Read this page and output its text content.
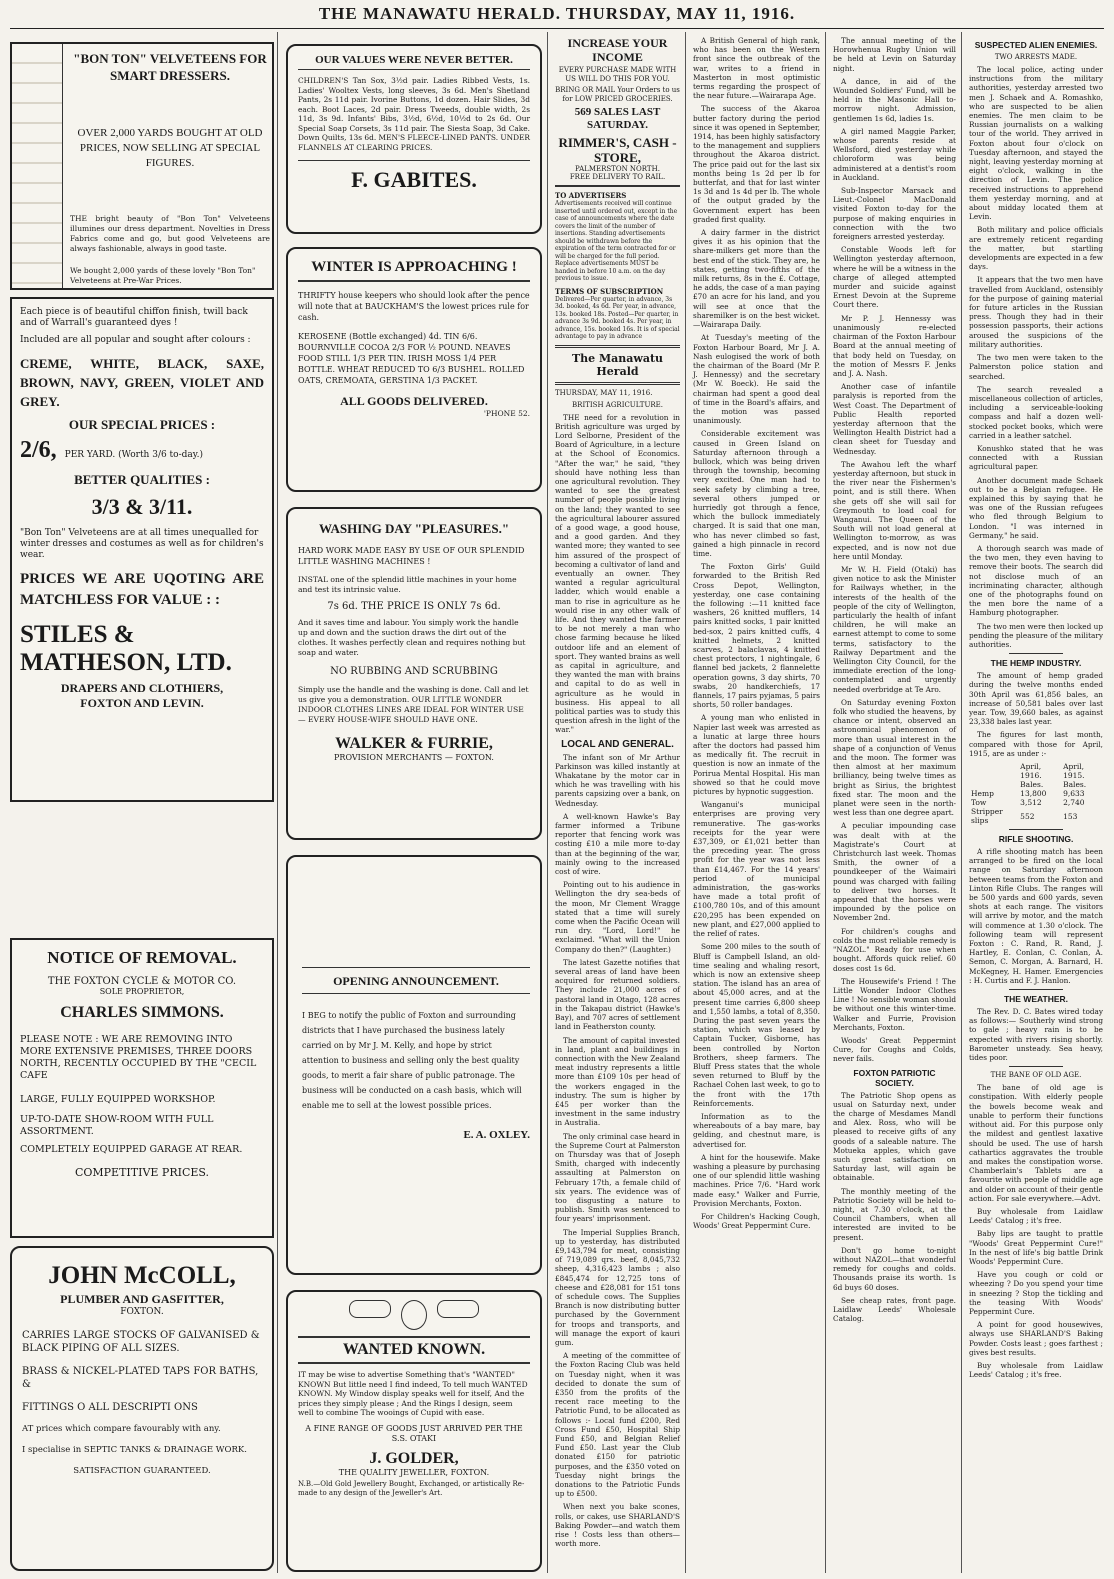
THE MANAWATU HERALD. THURSDAY, MAY 11, 1916.
"BON TON" VELVETEENS FOR SMART DRESSERS.
OVER 2,000 YARDS BOUGHT AT OLD PRICES, NOW SELLING AT SPECIAL FIGURES.
THE bright beauty of "Bon Ton" Velveteens illumines our dress department. Novelties in Dress Fabrics come and go, but good Velveteens are always fashionable, always in good taste.
We bought 2,000 yards of these lovely "Bon Ton" Velveteens at Pre-War Prices.
Each piece is of beautiful chiffon finish, twill back and of Warrall's guaranteed dyes !
Included are all popular and sought after colours :
CREME, WHITE, BLACK, SAXE, BROWN, NAVY, GREEN, VIOLET AND GREY.
OUR SPECIAL PRICES :
2/6, PER YARD. (Worth 3/6 to-day.)
BETTER QUALITIES :
3/3 & 3/11.
"Bon Ton" Velveteens are at all times unequalled for winter dresses and costumes as well as for children's wear.
PRICES WE ARE UQOTING ARE MATCHLESS FOR VALUE : :
STILES & MATHESON, LTD.
DRAPERS AND CLOTHIERS,
FOXTON AND LEVIN.
NOTICE OF REMOVAL.
THE FOXTON CYCLE & MOTOR CO.
SOLE PROPRIETOR,
CHARLES SIMMONS.
PLEASE NOTE : WE ARE REMOVING INTO MORE EXTENSIVE PREMISES, THREE DOORS NORTH, RECENTLY OCCUPIED BY THE "CECIL CAFE
LARGE, FULLY EQUIPPED WORKSHOP.
UP-TO-DATE SHOW-ROOM WITH FULL ASSORTMENT.
COMPLETELY EQUIPPED GARAGE AT REAR.
COMPETITIVE PRICES.
JOHN McCOLL,
PLUMBER AND GASFITTER,
FOXTON.
CARRIES LARGE STOCKS OF GALVANISED & BLACK PIPING OF ALL SIZES.
BRASS & NICKEL-PLATED TAPS FOR BATHS, &
FITTINGS O ALL DESCRIPTI ONS
AT prices which compare favourably with any.
I specialise in SEPTIC TANKS & DRAINAGE WORK.
SATISFACTION GUARANTEED.
OUR VALUES WERE NEVER BETTER.
CHILDREN'S Tan Sox, 3½d pair. Ladies Ribbed Vests, 1s. Ladies' Wooltex Vests, long sleeves, 3s 6d. Men's Shetland Pants, 2s 11d pair. Ivorine Buttons, 1d dozen. Hair Slides, 3d each. Boot Laces, 2d pair. Dress Tweeds, double width, 2s 11d, 3s 9d. Infants' Bibs, 3½d, 6½d, 10½d to 2s 6d. Our Special Soap Corsets, 3s 11d pair. The Siesta Soap, 3d Cake. Down Quilts, 13s 6d. MEN'S FLEECE-LINED PANTS. UNDER FLANNELS AT CLEARING PRICES.
F. GABITES.
WINTER IS APPROACHING !
THRIFTY house keepers who should look after the pence will note that at BAUCKHAM'S the lowest prices rule for cash.
KEROSENE (Bottle exchanged) 4d. TIN 6/6. BOURNVILLE COCOA 2/3 FOR ½ POUND. NEAVES FOOD STILL 1/3 PER TIN. IRISH MOSS 1/4 PER BOTTLE. WHEAT REDUCED TO 6/3 BUSHEL. ROLLED OATS, CREMOATA, GERSTINA 1/3 PACKET.
ALL GOODS DELIVERED.
'PHONE 52.
WASHING DAY "PLEASURES."
HARD WORK MADE EASY BY USE OF OUR SPLENDID LITTLE WASHING MACHINES !
INSTAL one of the splendid little machines in your home and test its intrinsic value.
7s 6d. THE PRICE IS ONLY 7s 6d.
And it saves time and labour. You simply work the handle up and down and the suction draws the dirt out of the clothes. It washes perfectly clean and requires nothing but soap and water.
NO RUBBING AND SCRUBBING
Simply use the handle and the washing is done. Call and let us give you a demonstration. OUR LITTLE WONDER INDOOR CLOTHES LINES ARE IDEAL FOR WINTER USE — EVERY HOUSE-WIFE SHOULD HAVE ONE.
WALKER & FURRIE,
PROVISION MERCHANTS — FOXTON.
OPENING ANNOUNCEMENT.
I BEG to notify the public of Foxton and surrounding districts that I have purchased the business lately carried on by Mr J. M. Kelly, and hope by strict attention to business and selling only the best quality goods, to merit a fair share of public patronage. The business will be conducted on a cash basis, which will enable me to sell at the lowest possible prices.
E. A. OXLEY.
WANTED KNOWN.
IT may be wise to advertise Something that's "WANTED" KNOWN But little need I find indeed, To tell much WANTED KNOWN. My Window display speaks well for itself, And the prices they simply please ; And the Rings I design, seem well to combine The wooings of Cupid with ease.
A FINE RANGE OF GOODS JUST ARRIVED PER THE S.S. OTAKI
J. GOLDER,
THE QUALITY JEWELLER, FOXTON.
N.B.—Old Gold Jewellery Bought, Exchanged, or artistically Re-made to any design of the Jeweller's Art.
INCREASE YOUR INCOME
EVERY PURCHASE MADE WITH US WILL DO THIS FOR YOU.
BRING OR MAIL Your Orders to us for LOW PRICED GROCERIES.
569 SALES LAST SATURDAY.
RIMMER'S, CASH - STORE,
PALMERSTON NORTH.
FREE DELIVERY TO RAIL.
TO ADVERTISERS
Advertisements received will continue inserted until ordered out, except in the case of announcements where the date covers the limit of the number of insertions. Standing advertisements should be withdrawn before the expiration of the term contracted for or will be charged for the full period. Replace advertisements MUST be handed in before 10 a.m. on the day previous to issue.
TERMS OF SUBSCRIPTION
Delivered—Per quarter, in advance, 3s 3d. booked, 4s 6d. Per year, in advance, 13s. booked 18s. Posted—Per quarter, in advance 3s 9d. booked 4s. Per year, in advance, 15s. booked 16s. It is of special advantage to pay in advance
The Manawatu Herald
THURSDAY, MAY 11, 1916.
BRITISH AGRICULTURE.

THE need for a revolution in British agriculture was urged by Lord Selborne, President of the Board of Agriculture, in a lecture at the School of Economics. "After the war," he said, "they should have nothing less than one agricultural revolution. They wanted to see the greatest number of people possible living on the land; they wanted to see the agricultural labourer assured of a good wage, a good house, and a good garden. And they wanted more; they wanted to see him assured of the prospect of becoming a cultivator of land and eventually an owner. They wanted a regular agricultural ladder, which would enable a man to rise in agriculture as he would rise in any other walk of life. And they wanted the farmer to be not merely a man who chose farming because he liked outdoor life and an element of sport. They wanted brains as well as capital in agriculture, and they wanted the man with brains and capital to do as well in agriculture as he would in business. His appeal to all political parties was to study this question afresh in the light of the war."

LOCAL AND GENERAL.

The infant son of Mr Arthur Parkinson was killed instantly at Whakatane by the motor car in which he was travelling with his parents capsizing over a bank, on Wednesday.

A well-known Hawke's Bay farmer informed a Tribune reporter that fencing work was costing £10 a mile more to-day than at the beginning of the war, mainly owing to the increased cost of wire.

Pointing out to his audience in Wellington the dry sea-beds of the moon, Mr Clement Wragge stated that a time will surely come when the Pacific Ocean will run dry. "Lord, Lord!" he exclaimed. "What will the Union Company do then?" (Laughter.)

The latest Gazette notifies that several areas of land have been acquired for returned soldiers. They include 21,000 acres of pastoral land in Otago, 128 acres in the Takapau district (Hawke's Bay), and 707 acres of settlement land in Featherston county.

The amount of capital invested in land, plant and buildings in connection with the New Zealand meat industry represents a little more than £109 10s per head of the workers engaged in the industry. The sum is higher by £45 per worker than the investment in the same industry in Australia.

The only criminal case heard in the Supreme Court at Palmerston on Thursday was that of Joseph Smith, charged with indecently assaulting at Palmerston on February 17th, a female child of six years. The evidence was of too disgusting a nature to publish. Smith was sentenced to four years' imprisonment.

The Imperial Supplies Branch, up to yesterday, has distributed £9,143,794 for meat, consisting of 719,089 qrs. beef, 8,045,732 sheep, 4,316,423 lambs ; also £845,474 for 12,725 tons of cheese and £28,081 for 151 tons of schedule cows. The Supplies Branch is now distributing butter purchased by the Government for troops and transports, and will manage the export of kauri gum.

A meeting of the committee of the Foxton Racing Club was held on Tuesday night, when it was decided to donate the sum of £350 from the profits of the recent race meeting to the Patriotic Fund, to be allocated as follows :- Local fund £200, Red Cross Fund £50, Hospital Ship Fund £50, and Belgian Relief Fund £50. Last year the Club donated £150 for patriotic purposes, and the £350 voted on Tuesday night brings the donations to the Patriotic Funds up to £500.

When next you bake scones, rolls, or cakes, use SHARLAND'S Baking Powder—and watch them rise ! Costs less than others—worth more.

A British General of high rank, who has been on the Western front since the outbreak of the war, writes to a friend in Masterton in most optimistic terms regarding the prospect of the near future.—Wairarapa Age.

The success of the Akaroa butter factory during the period since it was opened in September, 1914, has been highly satisfactory to the management and suppliers throughout the Akaroa district. The price paid out for the last six months being 1s 2d per lb for butterfat, and that for last winter 1s 3d and 1s 4d per lb. The whole of the output graded by the Government expert has been graded first quality.

A dairy farmer in the district gives it as his opinion that the share-milkers get more than the best end of the stick. They are, he states, getting two-fifths of the milk returns, 8s in the £. Cottage, he adds, the case of a man paying £70 an acre for his land, and you will see at once that the sharemilker is on the best wicket.—Wairarapa Daily.

At Tuesday's meeting of the Foxton Harbour Board, Mr J. A. Nash eulogised the work of both the chairman of the Board (Mr P. J. Hennessy) and the secretary (Mr W. Boeck). He said the chairman had spent a good deal of time in the Board's affairs, and the motion was passed unanimously.

Considerable excitement was caused in Green Island on Saturday afternoon through a bullock, which was being driven through the township, becoming very excited. One man had to seek safety by climbing a tree, several others jumped or hurriedly got through a fence, which the bullock immediately charged. It is said that one man, who has never climbed so fast, gained a high pinnacle in record time.

The Foxton Girls' Guild forwarded to the British Red Cross Depot, Wellington, yesterday, one case containing the following :—11 knitted face washers, 26 knitted mufflers, 14 pairs knitted socks, 1 pair knitted bed-sox, 2 pairs knitted cuffs, 4 knitted helmets, 2 knitted scarves, 2 balaclavas, 4 knitted chest protectors, 1 nightingale, 6 flannel bed jackets, 2 flannelette operation gowns, 3 day shirts, 70 swabs, 20 handkerchiefs, 17 flannels, 17 pairs pyjamas, 5 pairs shorts, 50 roller bandages.

A young man who enlisted in Napier last week was arrested as a lunatic at large three hours after the doctors had passed him as medically fit. The recruit in question is now an inmate of the Porirua Mental Hospital. His man showed so that he could move pictures by hypnotic suggestion.

Wanganui's municipal enterprises are proving very remunerative. The gas-works receipts for the year were £37,309, or £1,021 better than the preceding year. The gross profit for the year was not less than £14,467. For the 14 years' period of municipal administration, the gas-works have made a total profit of £100,780 10s, and of this amount £20,295 has been expended on new plant, and £27,000 applied to the relief of rates.

Some 200 miles to the south of Bluff is Campbell Island, an old-time sealing and whaling resort, which is now an extensive sheep station. The island has an area of about 45,000 acres, and at the present time carries 6,800 sheep and 1,550 lambs, a total of 8,350. During the past seven years the station, which was leased by Captain Tucker, Gisborne, has been controlled by Norton Brothers, sheep farmers. The Bluff Press states that the whole seven returned to Bluff by the Rachael Cohen last week, to go to the front with the 17th Reinforcements.

Information as to the whereabouts of a bay mare, bay gelding, and chestnut mare, is advertised for.

A hint for the housewife. Make washing a pleasure by purchasing one of our splendid little washing machines. Price 7/6. "Hard work made easy." Walker and Furrie, Provision Merchants, Foxton.

For Children's Hacking Cough, Woods' Great Peppermint Cure.

The annual meeting of the Horowhenua Rugby Union will be held at Levin on Saturday night.

A dance, in aid of the Wounded Soldiers' Fund, will be held in the Masonic Hall to-morrow night. Admission, gentlemen 1s 6d, ladies 1s.

A girl named Maggie Parker, whose parents reside at Wellsford, died yesterday while chloroform was being administered at a dentist's room in Auckland.

Sub-Inspector Marsack and Lieut.-Colonel MacDonald visited Foxton to-day for the purpose of making enquiries in connection with the two foreigners arrested yesterday.

Constable Woods left for Wellington yesterday afternoon, where he will be a witness in the charge of alleged attempted murder and suicide against Ernest Devoin at the Supreme Court there.

Mr P. J. Hennessy was unanimously re-elected chairman of the Foxton Harbour Board at the annual meeting of that body held on Tuesday, on the motion of Messrs F. Jenks and J. A. Nash.

Another case of infantile paralysis is reported from the West Coast. The Department of Public Health reported yesterday afternoon that the Wellington Health District had a clean sheet for Tuesday and Wednesday.

The Awahou left the wharf yesterday afternoon, but stuck in the river near the Fishermen's point, and is still there. When she gets off she will sail for Greymouth to load coal for Wanganui. The Queen of the South will not load general at Wellington to-morrow, as was expected, and is now not due here until Monday.

Mr W. H. Field (Otaki) has given notice to ask the Minister for Railways whether, in the interests of the health of the people of the city of Wellington, particularly the health of infant children, he will make an earnest attempt to come to some terms, satisfactory to the Railway Department and the Wellington City Council, for the immediate erection of the long-contemplated and urgently needed overbridge at Te Aro.

On Saturday evening Foxton folk who studied the heavens, by chance or intent, observed an astronomical phenomenon of more than usual interest in the shape of a conjunction of Venus and the moon. The former was then almost at her maximum brilliancy, being twelve times as bright as Sirius, the brightest fixed star. The moon and the planet were seen in the north-west less than one degree apart.

A peculiar impounding case was dealt with at the Magistrate's Court at Christchurch last week. Thomas Smith, the owner of a poundkeeper of the Waimairi pound was charged with failing to deliver two horses. It appeared that the horses were impounded by the police on November 2nd.

For children's coughs and colds the most reliable remedy is "NAZOL." Ready for use when bought. Affords quick relief. 60 doses cost 1s 6d.

The Housewife's Friend ! The Little Wonder Indoor Clothes Line ! No sensible woman should be without one this winter-time. Walker and Furrie, Provision Merchants, Foxton.

Woods' Great Peppermint Cure, for Coughs and Colds, never fails.

FOXTON PATRIOTIC SOCIETY.

The Patriotic Shop opens as usual on Saturday next, under the charge of Mesdames Mandl and Alex. Ross, who will be pleased to receive gifts of any goods of a saleable nature. The Motueka apples, which gave such great satisfaction on Saturday last, will again be obtainable.

The monthly meeting of the Patriotic Society will be held to-night, at 7.30 o'clock, at the Council Chambers, when all interested are invited to be present.

Don't go home to-night without NAZOL—that wonderful remedy for coughs and colds. Thousands praise its worth. 1s 6d buys 60 doses.

See cheap rates, front page. Laidlaw Leeds' Wholesale Catalog.

SUSPECTED ALIEN ENEMIES.
TWO ARRESTS MADE.

The local police, acting under instructions from the military authorities, yesterday arrested two men J. Schaek and A. Romashko, who are suspected to be alien enemies. The men claim to be Russian journalists on a walking tour of the world. They arrived in Foxton about four o'clock on Tuesday afternoon, and stayed the night, leaving yesterday morning at eight o'clock, walking in the direction of Levin. The police received instructions to apprehend them yesterday morning, and at about midday located them at Levin.

Both military and police officials are extremely reticent regarding the matter, but startling developments are expected in a few days.

It appears that the two men have travelled from Auckland, ostensibly for the purpose of gaining material for future articles in the Russian press. Though they had in their possession passports, their actions aroused the suspicions of the military authorities.

The two men were taken to the Palmerston police station and searched.

The search revealed a miscellaneous collection of articles, including a serviceable-looking compass and half a dozen well-stocked pocket books, which were carried in a leather satchel.

Konushko stated that he was connected with a Russian agricultural paper.

Another document made Schaek out to be a Belgian refugee. He explained this by saying that he was one of the Russian refugees who fled through Belgium to London. "I was interned in Germany," he said.

A thorough search was made of the two men, they even having to remove their boots. The search did not disclose much of an incriminating character, although one of the photographs found on the men bore the name of a Hamburg photographer.

The two men were then locked up pending the pleasure of the military authorities.

THE HEMP INDUSTRY.

The amount of hemp graded during the twelve months ended 30th April was 61,856 bales, an increase of 50,581 bales over last year. Tow, 39,660 bales, as against 23,338 bales last year.

The figures for last month, compared with those for April, 1915, are as under :-

	April, 1916.	April, 1915.
	Bales.	Bales.
Hemp	13,800	9,633
Tow	3,512	2,740
Stripper slips	552	153
RIFLE SHOOTING.

A rifle shooting match has been arranged to be fired on the local range on Saturday afternoon between teams from the Foxton and Linton Rifle Clubs. The ranges will be 500 yards and 600 yards, seven shots at each range. The visitors will arrive by motor, and the match will commence at 1.30 o'clock. The following team will represent Foxton : C. Rand, R. Rand, J. Hartley, E. Conlan, C. Conlan, A. Semon, C. Morgan, A. Barnard, H. McKegney, H. Hamer. Emergencies : H. Curtis and F. J. Hanlon.

THE WEATHER.

The Rev. D. C. Bates wired today as follows:— Southerly wind strong to gale ; heavy rain is to be expected with rivers rising shortly. Barometer unsteady. Sea heavy, tides poor.

THE BANE OF OLD AGE.

The bane of old age is constipation. With elderly people the bowels become weak and unable to perform their functions without aid. For this purpose only the mildest and gentlest laxative should be used. The use of harsh cathartics aggravates the trouble and makes the constipation worse. Chamberlain's Tablets are a favourite with people of middle age and older on account of their gentle action. For sale everywhere.—Advt.

Buy wholesale from Laidlaw Leeds' Catalog ; it's free.

Baby lips are taught to prattle "Woods' Great Peppermint Cure!" In the nest of life's big battle Drink Woods' Peppermint Cure.

Have you cough or cold or wheezing ? Do you spend your time in sneezing ? Stop the tickling and the teasing With Woods' Peppermint Cure.

A point for good housewives, always use SHARLAND'S Baking Powder. Costs least ; goes farthest ; gives best results.

Buy wholesale from Laidlaw Leeds' Catalog ; it's free.
